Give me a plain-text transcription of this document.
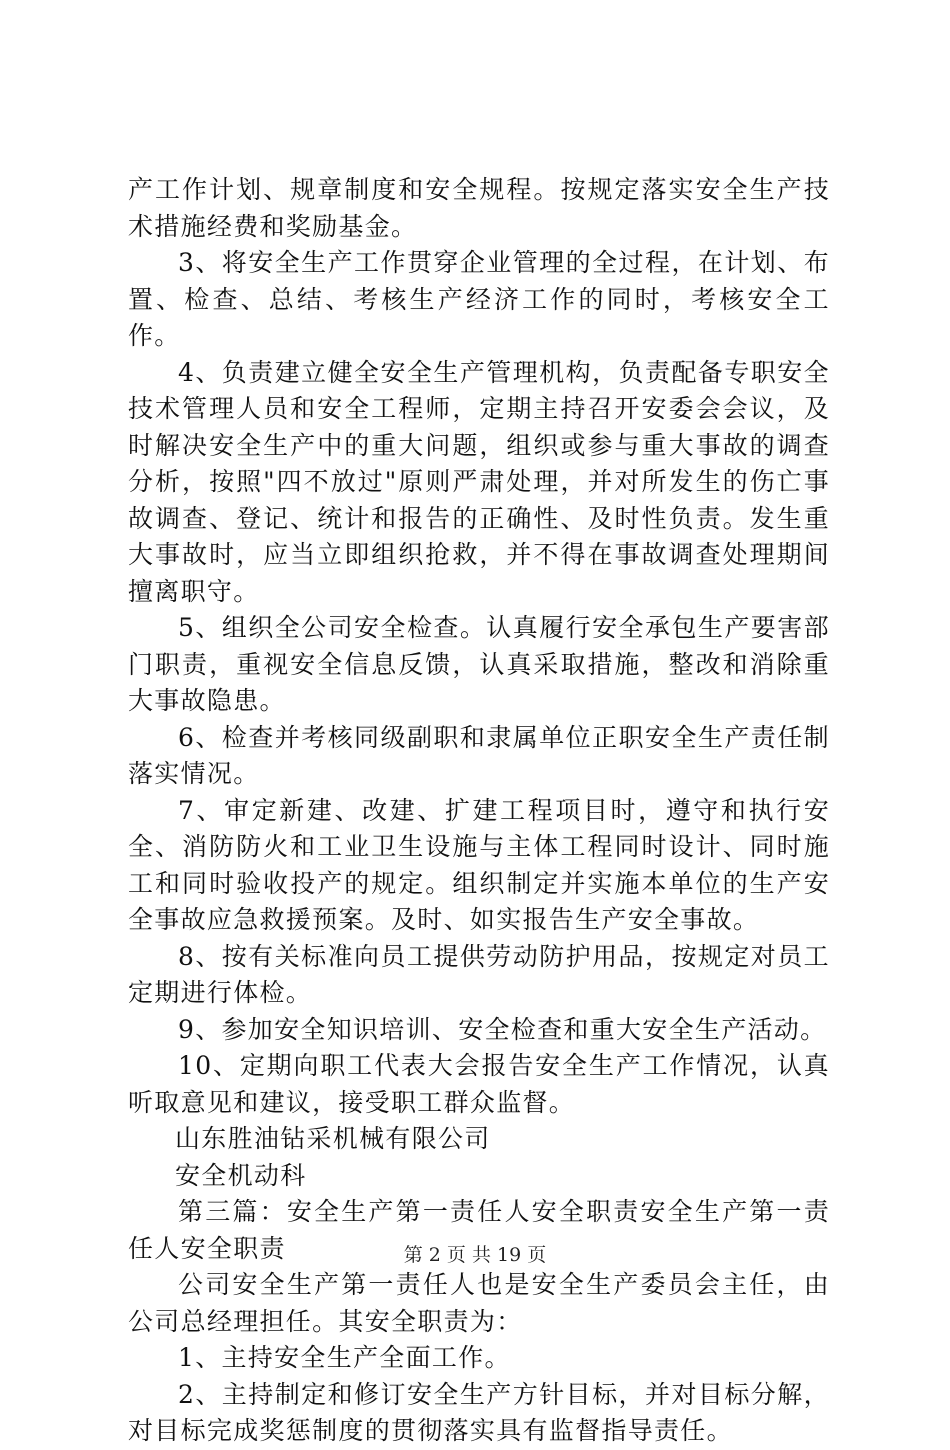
产工作计划、规章制度和安全规程。按规定落实安全生产技术措施经费和奖励基金。

3、将安全生产工作贯穿企业管理的全过程，在计划、布置、检查、总结、考核生产经济工作的同时，考核安全工作。

4、负责建立健全安全生产管理机构，负责配备专职安全技术管理人员和安全工程师，定期主持召开安委会会议，及时解决安全生产中的重大问题，组织或参与重大事故的调查分析，按照"四不放过"原则严肃处理，并对所发生的伤亡事故调查、登记、统计和报告的正确性、及时性负责。发生重大事故时，应当立即组织抢救，并不得在事故调查处理期间擅离职守。

5、组织全公司安全检查。认真履行安全承包生产要害部门职责，重视安全信息反馈，认真采取措施，整改和消除重大事故隐患。

6、检查并考核同级副职和隶属单位正职安全生产责任制落实情况。

7、审定新建、改建、扩建工程项目时，遵守和执行安全、消防防火和工业卫生设施与主体工程同时设计、同时施工和同时验收投产的规定。组织制定并实施本单位的生产安全事故应急救援预案。及时、如实报告生产安全事故。

8、按有关标准向员工提供劳动防护用品，按规定对员工定期进行体检。

9、参加安全知识培训、安全检查和重大安全生产活动。

10、定期向职工代表大会报告安全生产工作情况，认真听取意见和建议，接受职工群众监督。

山东胜油钻采机械有限公司

安全机动科

第三篇：安全生产第一责任人安全职责安全生产第一责任人安全职责

公司安全生产第一责任人也是安全生产委员会主任，由公司总经理担任。其安全职责为：

1、主持安全生产全面工作。

2、主持制定和修订安全生产方针目标，并对目标分解，对目标完成奖惩制度的贯彻落实具有监督指导责任。

第 2 页 共 19 页
